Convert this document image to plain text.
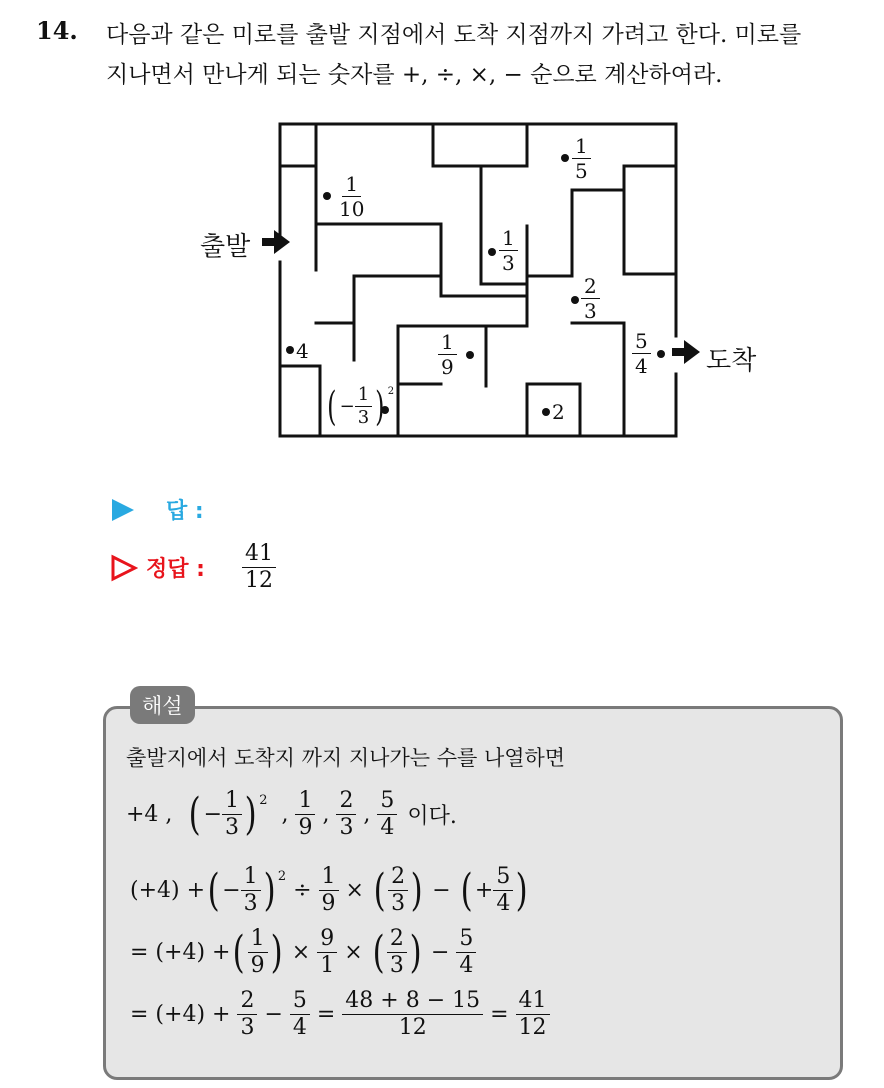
14. 다음과 같은 미로를 출발 지점에서 도착 지점까지 가려고 한다. 미로를
지나면서 만나게 되는 숫자를 +, ÷, ×, − 순으로 계산하여라.
출발
도착
$\frac{1}{10}$
$\frac{1}{5}$
$\frac{1}{3}$
$\frac{2}{3}$
$\frac{1}{9}$	$\frac{5}{4}$
4
2
( − $\frac{1}{3}$ ) 2
답 :
정답 : $\frac{41}{12}$
해설
출발지에서 도착지 까지 지나가는 수를 나열하면
+4 , ( − $\frac{1}{3}$ ) 2
, $\frac{1}{9}$ , $\frac{2}{3}$ , $\frac{5}{4}$ 이다.
(+4) + ( − $\frac{1}{3}$ ) 2
÷ $\frac{1}{9}$ × ( $\frac{2}{3}$ ) − ( + $\frac{5}{4}$ )
= (+4) + ( $\frac{1}{9}$ ) × $\frac{9}{1}$ × ( $\frac{2}{3}$ ) − $\frac{5}{4}$
= $(+4) + \frac{2}{3} - \frac{5}{4} = \frac{48 + 8 - 15}{12} = \frac{41}{12}$
